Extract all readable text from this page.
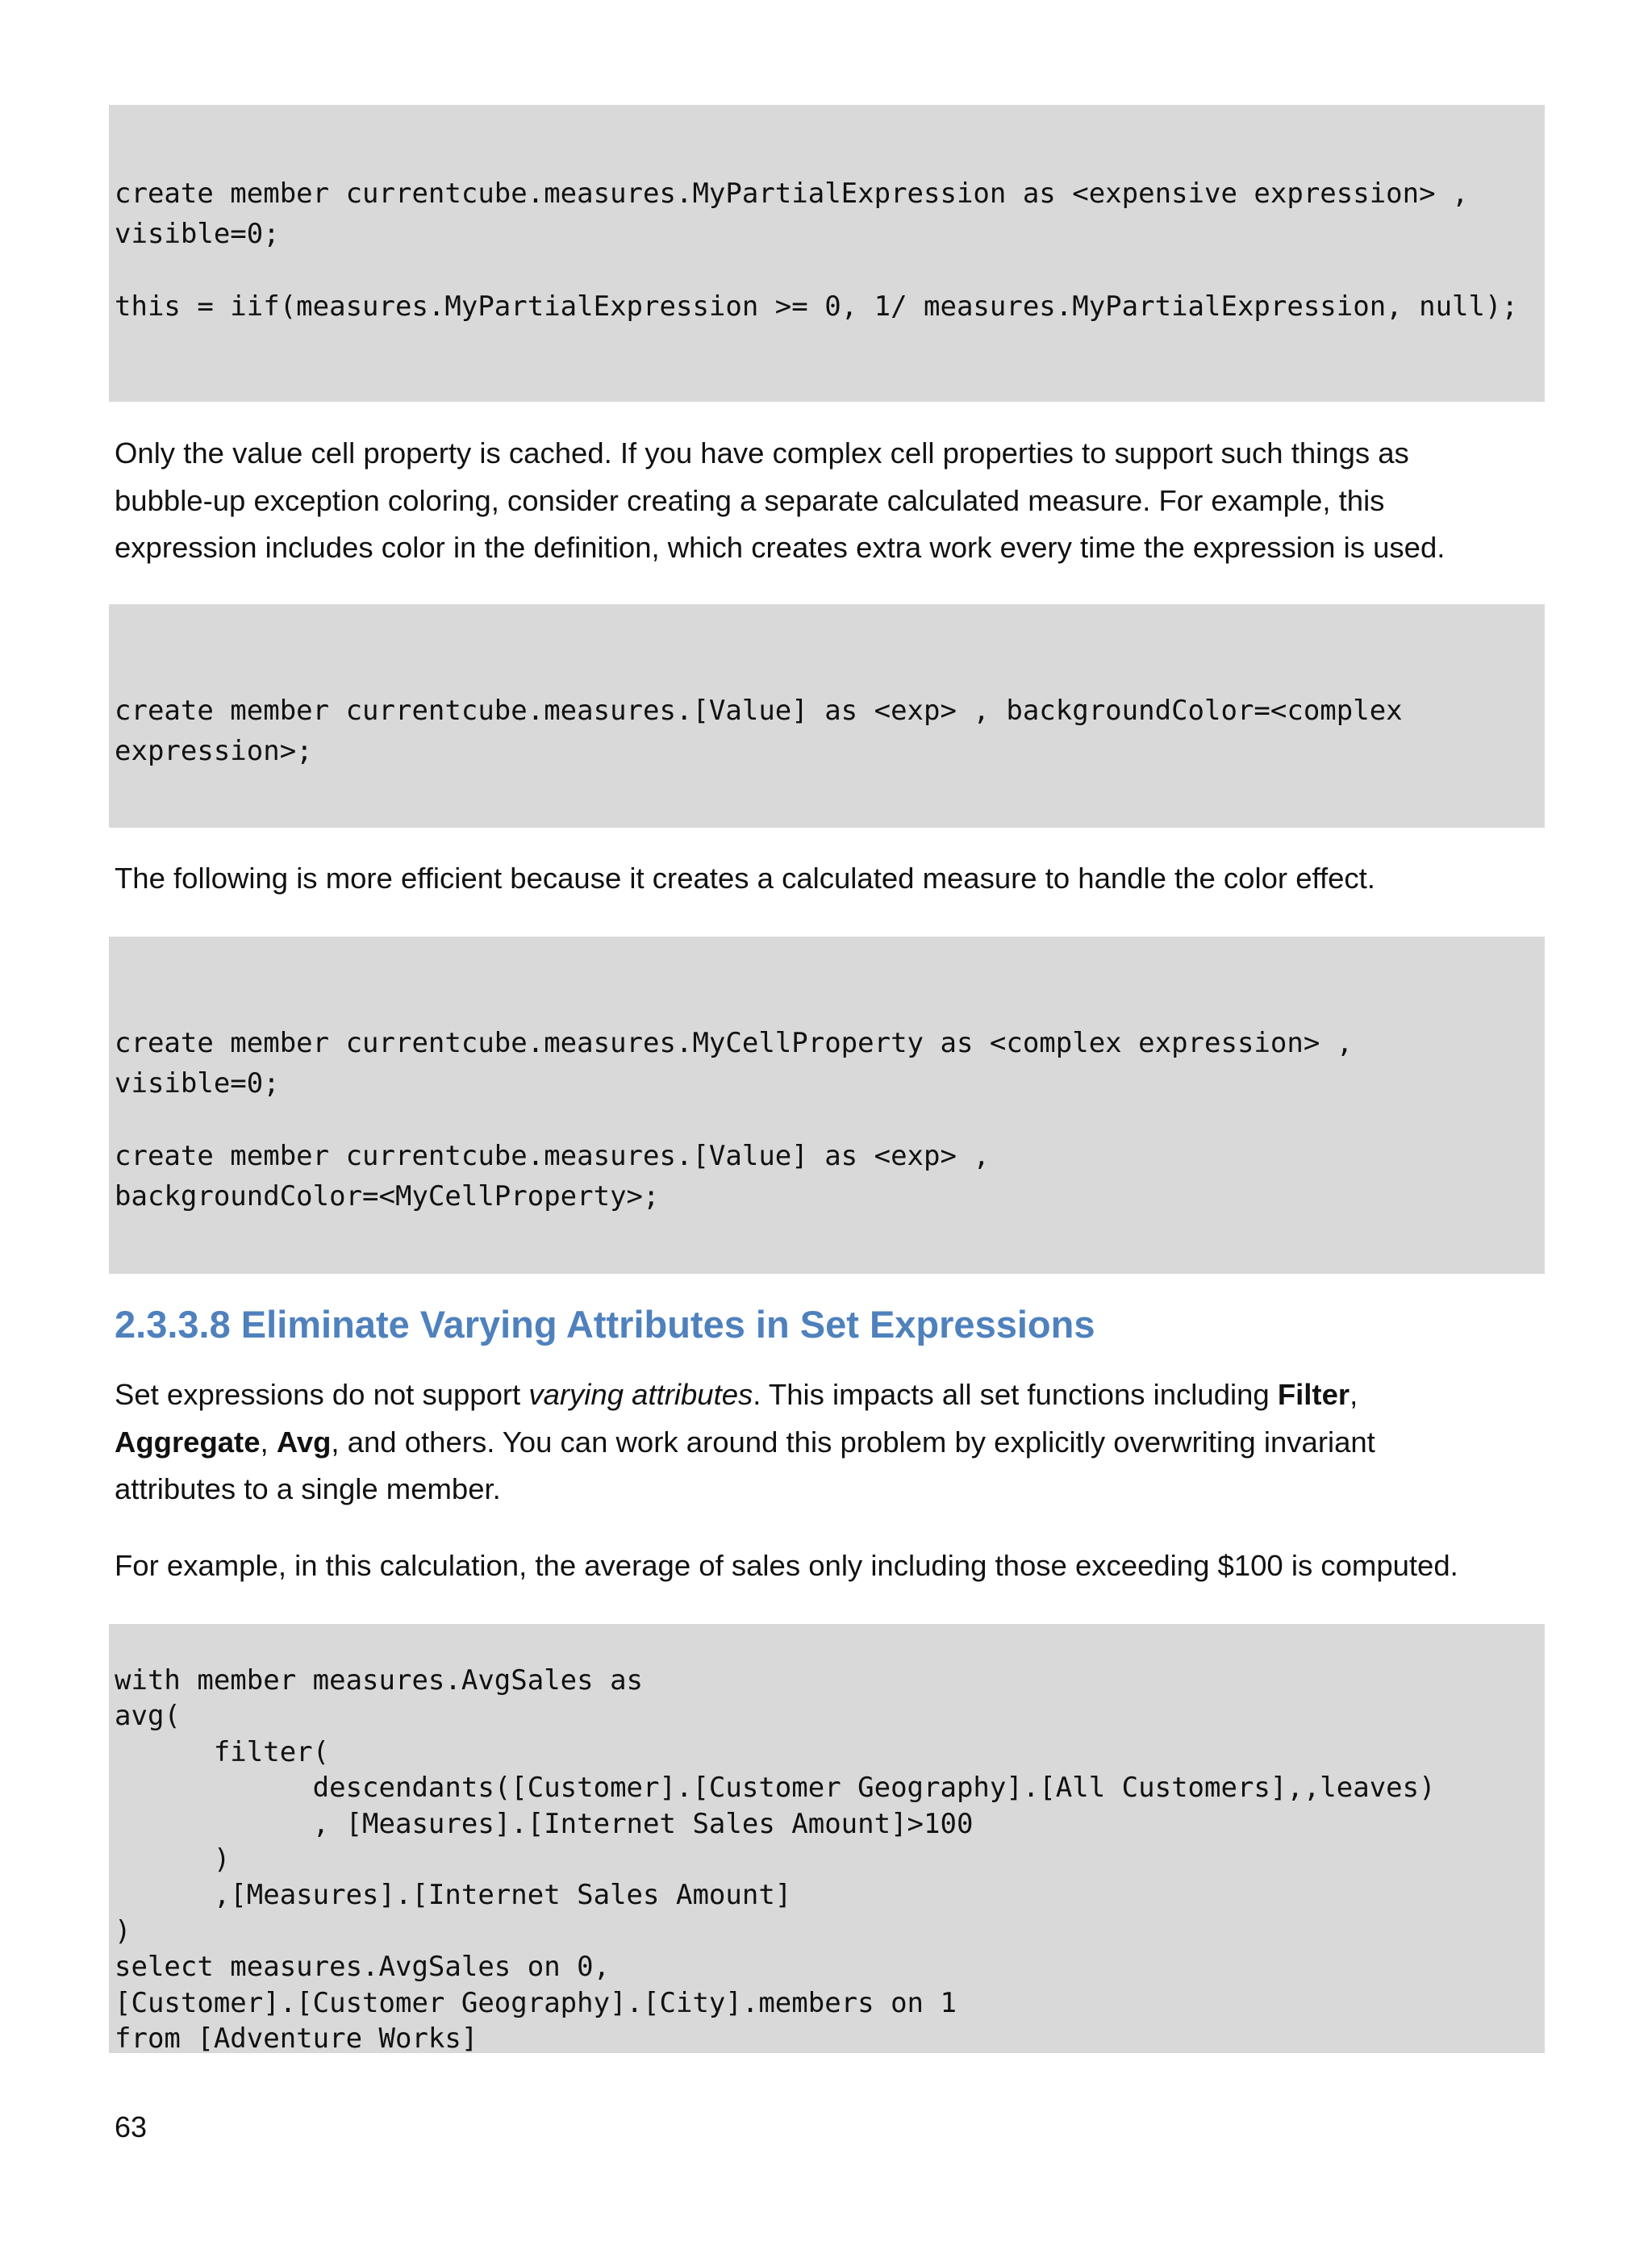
create member currentcube.measures.MyPartialExpression as <expensive expression> ,
visible=0;
this = iif(measures.MyPartialExpression >= 0, 1/ measures.MyPartialExpression, null);
Only the value cell property is cached. If you have complex cell properties to support such things as
bubble-up exception coloring, consider creating a separate calculated measure. For example, this
expression includes color in the definition, which creates extra work every time the expression is used.
create member currentcube.measures.[Value] as <exp> , backgroundColor=<complex
expression>;
The following is more efficient because it creates a calculated measure to handle the color effect.
create member currentcube.measures.MyCellProperty as <complex expression> ,
visible=0;
create member currentcube.measures.[Value] as <exp> ,
backgroundColor=<MyCellProperty>;
2.3.3.8 Eliminate Varying Attributes in Set Expressions
Set expressions do not support varying attributes. This impacts all set functions including Filter,
Aggregate, Avg, and others. You can work around this problem by explicitly overwriting invariant
attributes to a single member.
For example, in this calculation, the average of sales only including those exceeding $100 is computed.
with member measures.AvgSales as
avg(
filter(
descendants([Customer].[Customer Geography].[All Customers],,leaves)
, [Measures].[Internet Sales Amount]>100
)
,[Measures].[Internet Sales Amount]
)
select measures.AvgSales on 0,
[Customer].[Customer Geography].[City].members on 1
from [Adventure Works]
63
